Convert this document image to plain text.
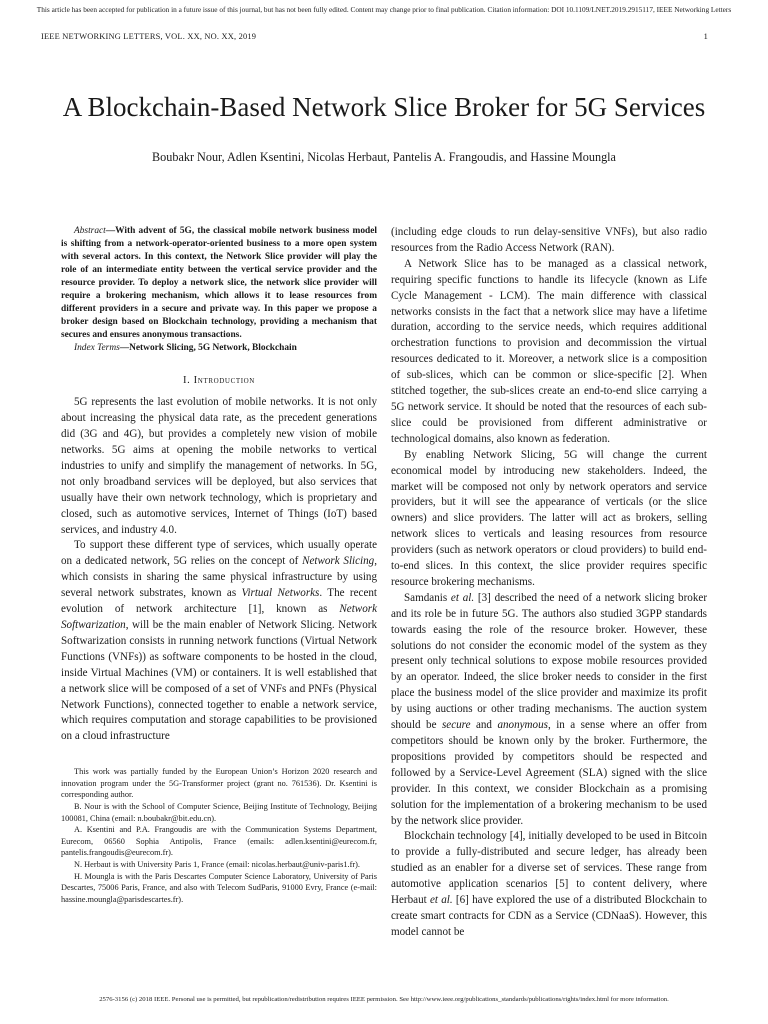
This article has been accepted for publication in a future issue of this journal, but has not been fully edited. Content may change prior to final publication. Citation information: DOI 10.1109/LNET.2019.2915117, IEEE Networking Letters
IEEE NETWORKING LETTERS, VOL. XX, NO. XX, 2019	1
A Blockchain-Based Network Slice Broker for 5G Services
Boubakr Nour, Adlen Ksentini, Nicolas Herbaut, Pantelis A. Frangoudis, and Hassine Moungla

Abstract—With advent of 5G, the classical mobile network business model is shifting from a network-operator-oriented business to a more open system with several actors. In this context, the Network Slice provider will play the role of an intermediate entity between the vertical service provider and the resource provider. To deploy a network slice, the network slice provider will require a brokering mechanism, which allows it to lease resources from different providers in a secure and private way. In this paper we propose a broker design based on Blockchain technology, providing a mechanism that secures and ensures anonymous transactions.

Index Terms—Network Slicing, 5G Network, Blockchain

I. Introduction

5G represents the last evolution of mobile networks. It is not only about increasing the physical data rate, as the precedent generations did (3G and 4G), but provides a completely new vision of mobile networks. 5G aims at opening the mobile networks to vertical industries to unify and simplify the management of networks. In 5G, not only broadband services will be deployed, but also services that usually have their own network technology, which is proprietary and closed, such as automotive services, Internet of Things (IoT) based services, and industry 4.0.

To support these different type of services, which usually operate on a dedicated network, 5G relies on the concept of Network Slicing, which consists in sharing the same physical infrastructure by using several network substrates, known as Virtual Networks. The recent evolution of network architecture [1], known as Network Softwarization, will be the main enabler of Network Slicing. Network Softwarization consists in running network functions (Virtual Network Functions (VNFs)) as software components to be hosted in the cloud, inside Virtual Machines (VM) or containers. It is well established that a network slice will be composed of a set of VNFs and PNFs (Physical Network Functions), connected together to enable a network service, which requires computation and storage capabilities to be provisioned on a cloud infrastructure

This work was partially funded by the European Union’s Horizon 2020 research and innovation program under the 5G-Transformer project (grant no. 761536). Dr. Ksentini is corresponding author.

B. Nour is with the School of Computer Science, Beijing Institute of Technology, Beijing 100081, China (email: n.boubakr@bit.edu.cn).

A. Ksentini and P.A. Frangoudis are with the Communication Systems Department, Eurecom, 06560 Sophia Antipolis, France (emails: adlen.ksentini@eurecom.fr, pantelis.frangoudis@eurecom.fr).

N. Herbaut is with University Paris 1, France (email: nicolas.herbaut@univ-paris1.fr).

H. Moungla is with the Paris Descartes Computer Science Laboratory, University of Paris Descartes, 75006 Paris, France, and also with Telecom SudParis, 91000 Evry, France (e-mail: hassine.moungla@parisdescartes.fr).

(including edge clouds to run delay-sensitive VNFs), but also radio resources from the Radio Access Network (RAN).

A Network Slice has to be managed as a classical network, requiring specific functions to handle its lifecycle (known as Life Cycle Management - LCM). The main difference with classical networks consists in the fact that a network slice may have a lifetime duration, according to the service needs, which requires additional orchestration functions to provision and decommission the virtual resources dedicated to it. Moreover, a network slice is a composition of sub-slices, which can be common or slice-specific [2]. When stitched together, the sub-slices create an end-to-end slice carrying a 5G network service. It should be noted that the resources of each sub-slice could be provisioned from different administrative or technological domains, also known as federation.

By enabling Network Slicing, 5G will change the current economical model by introducing new stakeholders. Indeed, the market will be composed not only by network operators and service providers, but it will see the appearance of verticals (or the slice owners) and slice providers. The latter will act as brokers, selling network slices to verticals and leasing resources from resource providers (such as network operators or cloud providers) to build end-to-end slices. In this context, the slice provider requires specific resource brokering mechanisms.

Samdanis et al. [3] described the need of a network slicing broker and its role be in future 5G. The authors also studied 3GPP standards towards easing the role of the resource broker. However, these solutions do not consider the economic model of the system as they present only technical solutions to expose mobile resources provided by an operator. Indeed, the slice broker needs to consider in the first place the business model of the slice provider and maximize its profit by using auctions or other trading mechanisms. The auction system should be secure and anonymous, in a sense where an offer from competitors should be known only by the broker. Furthermore, the propositions provided by competitors should be respected and followed by a Service-Level Agreement (SLA) signed with the slice provider. In this context, we consider Blockchain as a promising solution for the implementation of a brokering mechanism to be used by the network slice provider.

Blockchain technology [4], initially developed to be used in Bitcoin to provide a fully-distributed and secure ledger, has already been studied as an enabler for a diverse set of services. These range from automotive application scenarios [5] to content delivery, where Herbaut et al. [6] have explored the use of a distributed Blockchain to create smart contracts for CDN as a Service (CDNaaS). However, this model cannot be

2576-3156 (c) 2018 IEEE. Personal use is permitted, but republication/redistribution requires IEEE permission. See http://www.ieee.org/publications_standards/publications/rights/index.html for more information.
